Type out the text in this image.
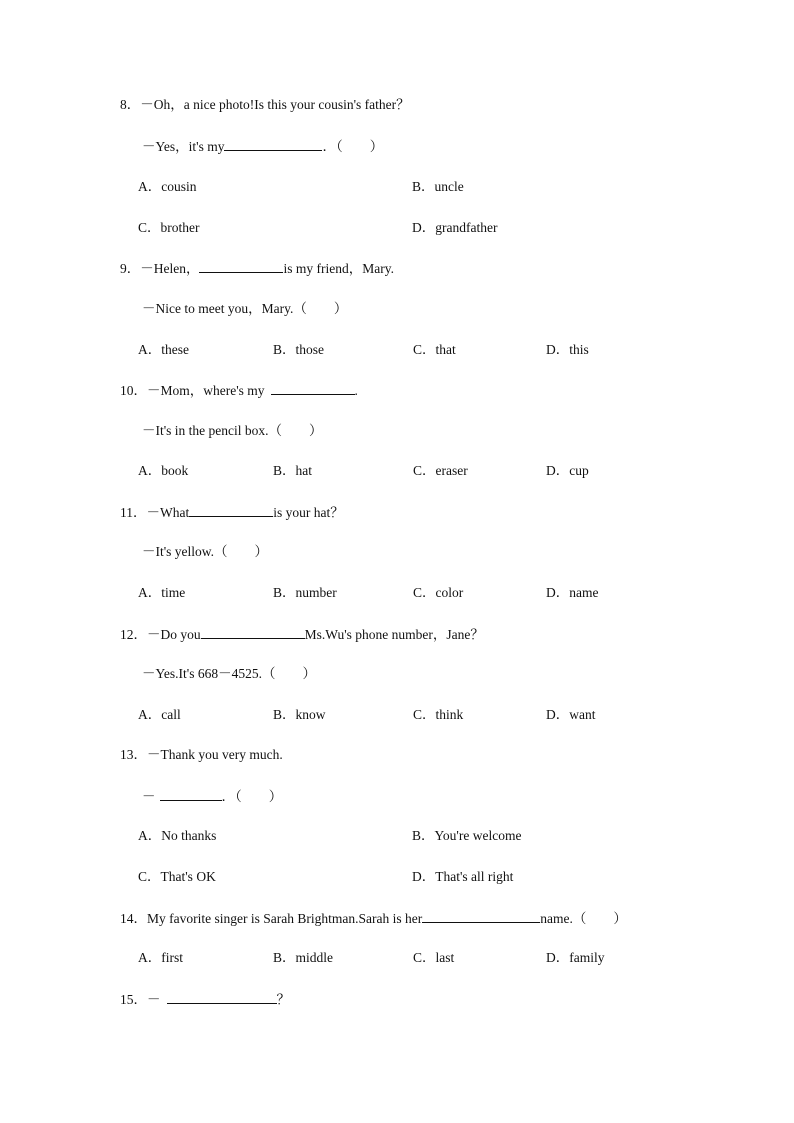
8．－Oh，a nice photo!Is this your cousin's father？
－Yes，it's my	．（　　）
A．cousin	B．uncle
C．brother	D．grandfather
9．－Helen，	is my friend，Mary.
－Nice to meet you，Mary.（　　）
A．these	B．those	C．that	D．this
10．－Mom，where's my	.
－It's in the pencil box.（　　）
A．book	B．hat	C．eraser	D．cup
11．－What	is your hat？
－It's yellow.（　　）
A．time	B．number	C．color	D．name
12．－Do you	Ms.Wu's phone number，Jane？
－Yes.It's 668－4525.（　　）
A．call	B．know	C．think	D．want
13．－Thank you very much.
－	．（　　）
A．No thanks	B．You're welcome
C．That's OK	D．That's all right
14．My favorite singer is Sarah Brightman.Sarah is her	name.（　　）
A．first	B．middle	C．last	D．family
15．－	？
